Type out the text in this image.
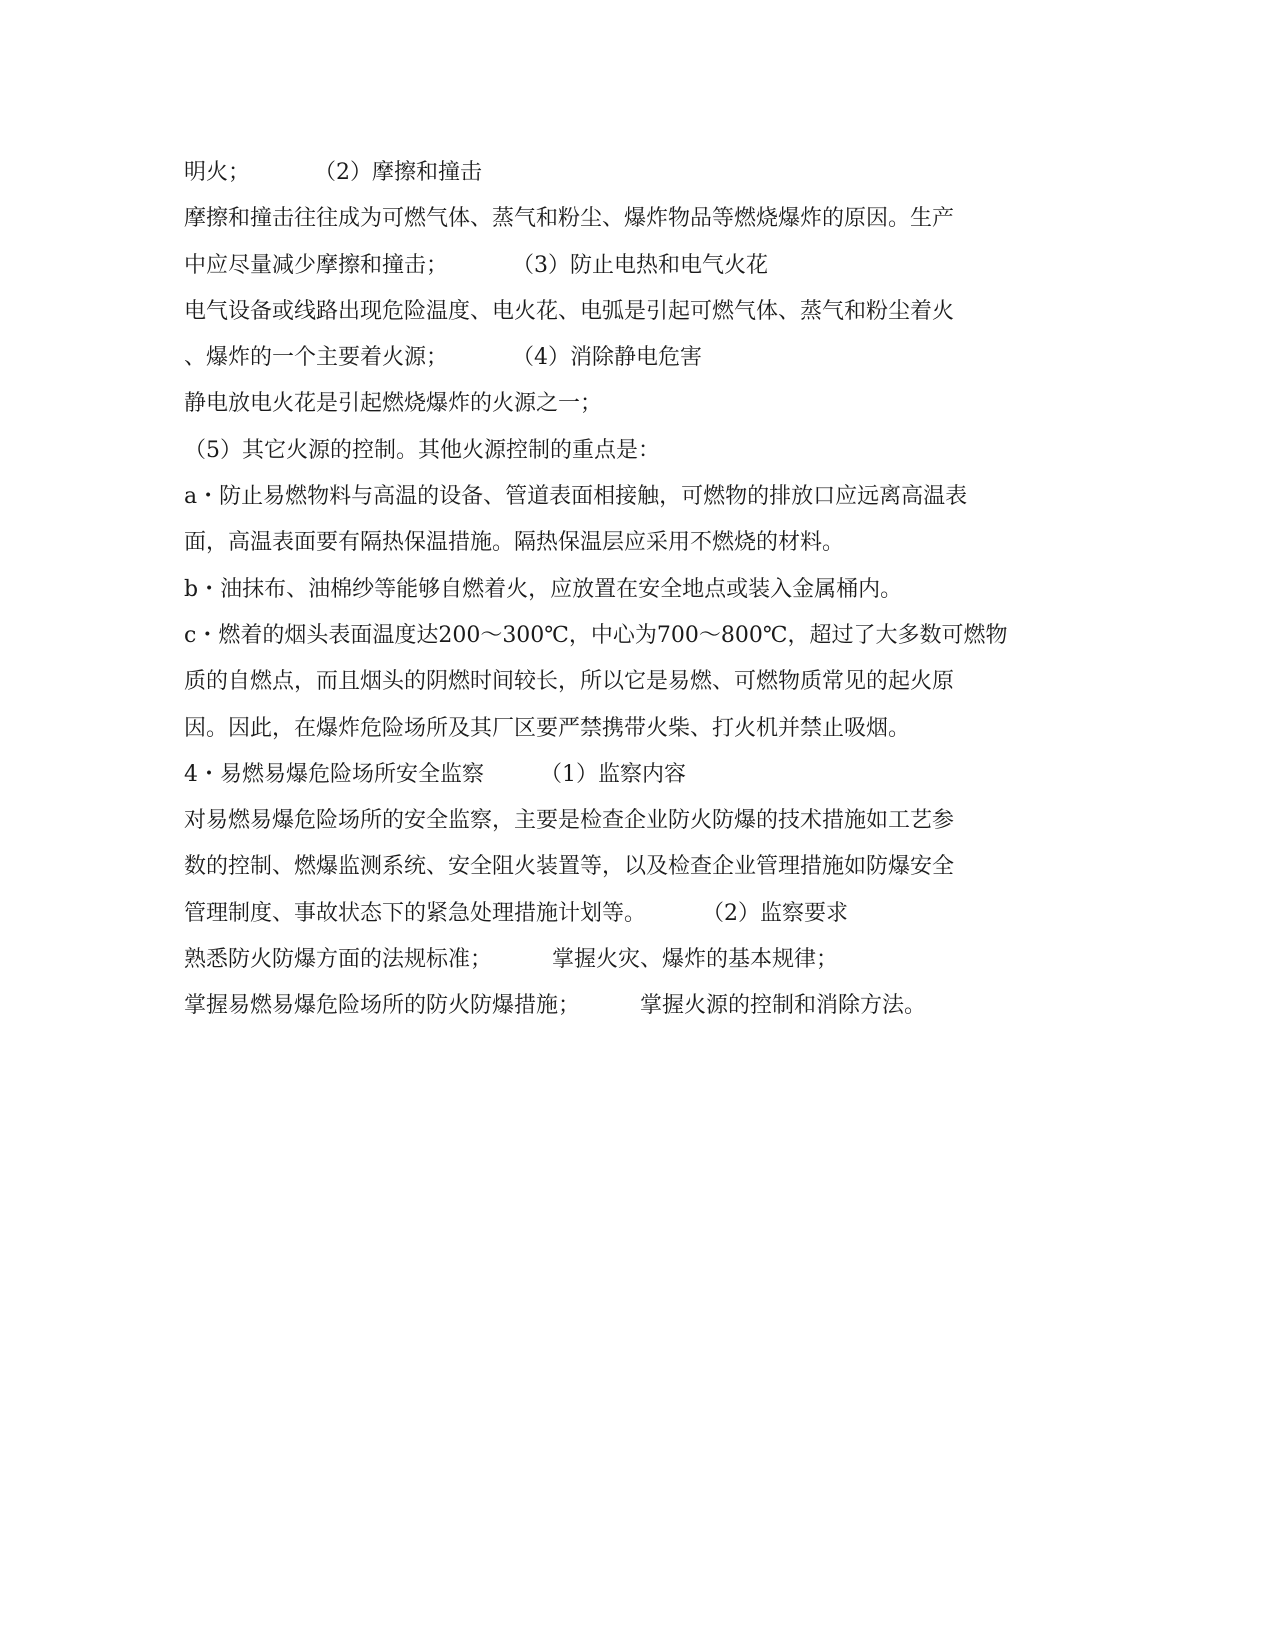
明火；	（2）摩擦和撞击
摩擦和撞击往往成为可燃气体、蒸气和粉尘、爆炸物品等燃烧爆炸的原因。生产
中应尽量减少摩擦和撞击；	（3）防止电热和电气火花
电气设备或线路出现危险温度、电火花、电弧是引起可燃气体、蒸气和粉尘着火
、爆炸的一个主要着火源；	（4）消除静电危害
静电放电火花是引起燃烧爆炸的火源之一；
（5）其它火源的控制。其他火源控制的重点是：
a・防止易燃物料与高温的设备、管道表面相接触，可燃物的排放口应远离高温表
面，高温表面要有隔热保温措施。隔热保温层应采用不燃烧的材料。
b・油抹布、油棉纱等能够自燃着火，应放置在安全地点或装入金属桶内。
c・燃着的烟头表面温度达200～300℃，中心为700～800℃，超过了大多数可燃物
质的自燃点，而且烟头的阴燃时间较长，所以它是易燃、可燃物质常见的起火原
因。因此，在爆炸危险场所及其厂区要严禁携带火柴、打火机并禁止吸烟。
4・易燃易爆危险场所安全监察	（1）监察内容
对易燃易爆危险场所的安全监察，主要是检查企业防火防爆的技术措施如工艺参
数的控制、燃爆监测系统、安全阻火装置等，以及检查企业管理措施如防爆安全
管理制度、事故状态下的紧急处理措施计划等。	（2）监察要求
熟悉防火防爆方面的法规标准；	掌握火灾、爆炸的基本规律；
掌握易燃易爆危险场所的防火防爆措施；	掌握火源的控制和消除方法。
